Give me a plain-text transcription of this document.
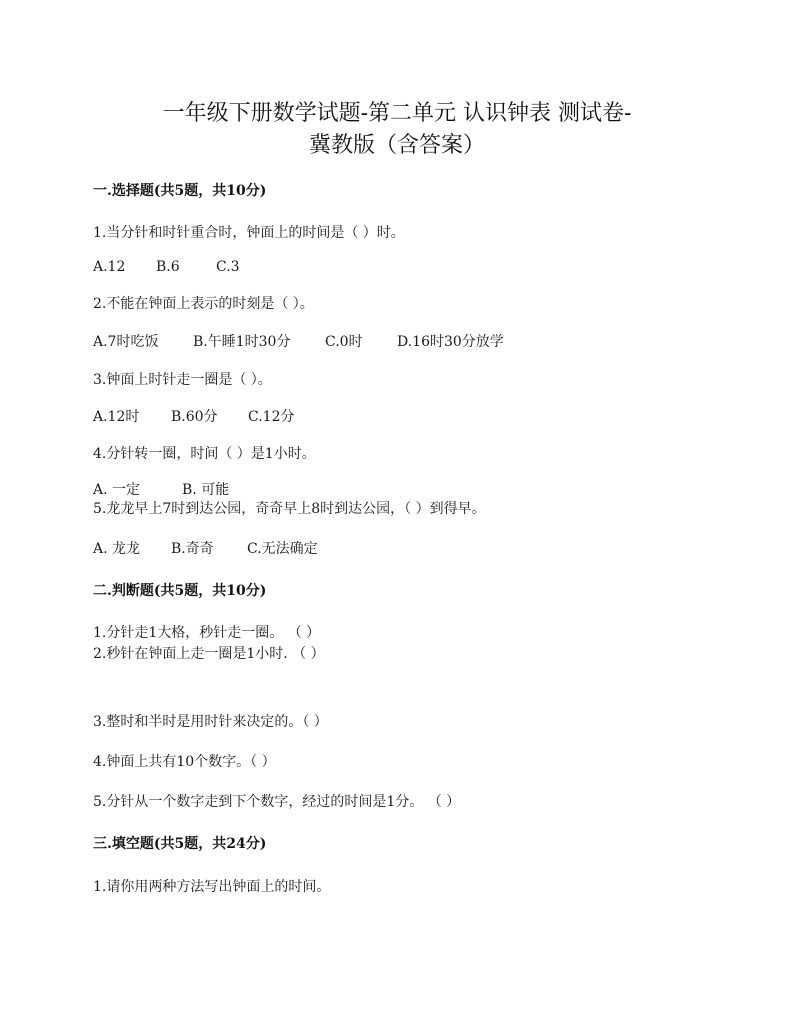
一年级下册数学试题-第二单元 认识钟表 测试卷-
冀教版（含答案）
一.选择题(共5题，共10分)
1.当分针和时针重合时，钟面上的时间是（ ）时。
A.12	B.6	C.3
2.不能在钟面上表示的时刻是（ ）。
A.7时吃饭	B.午睡1时30分	C.0时	D.16时30分放学
3.钟面上时针走一圈是（ ）。
A.12时	B.60分	C.12分
4.分针转一圈，时间（ ）是1小时。
A. 一定	B. 可能
5.龙龙早上7时到达公园，奇奇早上8时到达公园，（ ）到得早。
A. 龙龙	B.奇奇	C.无法确定
二.判断题(共5题，共10分)
1.分针走1大格，秒针走一圈。 （ ）
2.秒针在钟面上走一圈是1小时. （ ）
3.整时和半时是用时针来决定的。（ ）
4.钟面上共有10个数字。（ ）
5.分针从一个数字走到下个数字，经过的时间是1分。 （ ）
三.填空题(共5题，共24分)
1.请你用两种方法写出钟面上的时间。
